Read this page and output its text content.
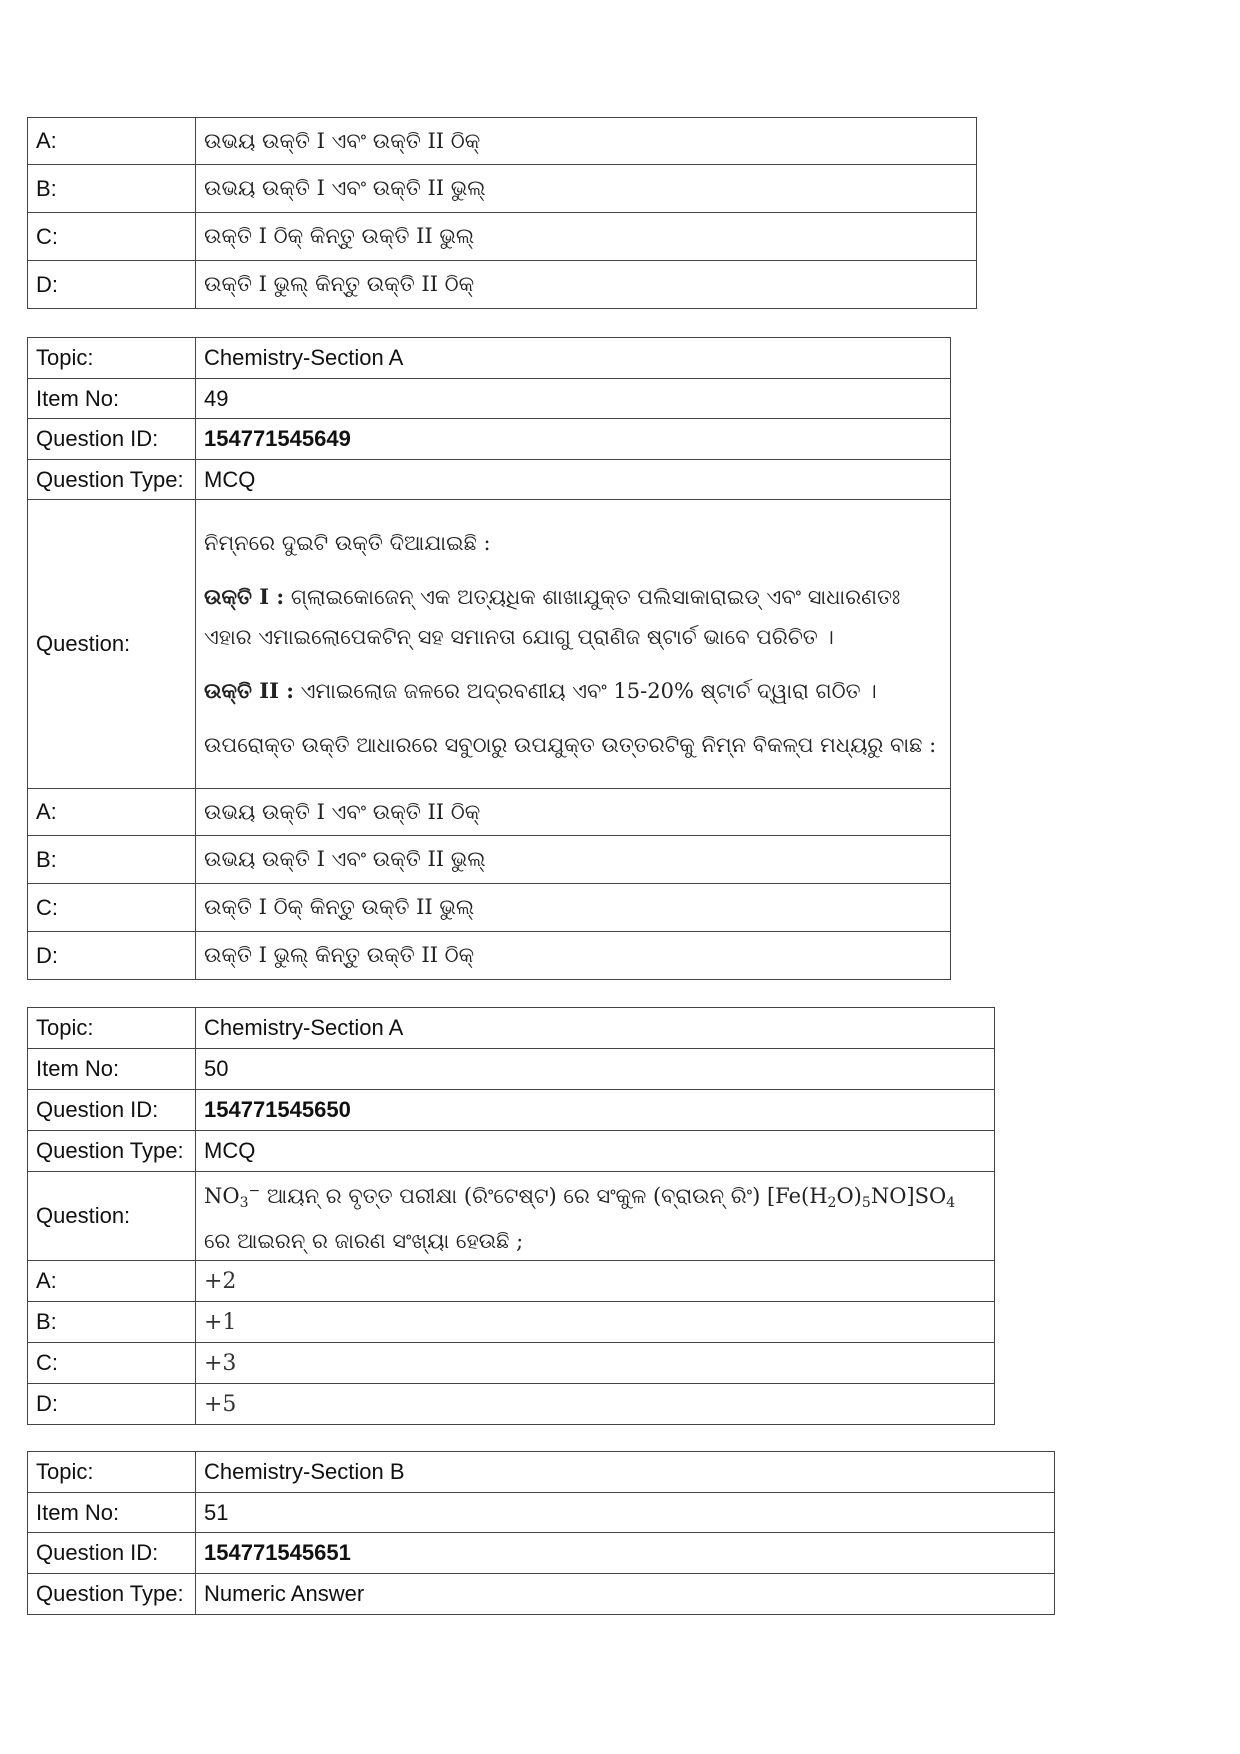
A:	ଉଭୟ ଉକ୍ତି I ଏବଂ ଉକ୍ତି II ଠିକ୍
B:	ଉଭୟ ଉକ୍ତି I ଏବଂ ଉକ୍ତି II ଭୁଲ୍
C:	ଉକ୍ତି I ଠିକ୍ କିନ୍ତୁ ଉକ୍ତି II ଭୁଲ୍
D:	ଉକ୍ତି I ଭୁଲ୍ କିନ୍ତୁ ଉକ୍ତି II ଠିକ୍
Topic:	Chemistry-Section A
Item No:	49
Question ID:	154771545649
Question Type:	MCQ
Question:	ନିମ୍ନରେ ଦୁଇଟି ଉକ୍ତି ଦିଆଯାଇଛି :

ଉକ୍ତି I : ଗ୍ଲାଇକୋଜେନ୍ ଏକ ଅତ୍ୟଧିକ ଶାଖାଯୁକ୍ତ ପଲିସାକାରାଇଡ୍ ଏବଂ ସାଧାରଣତଃ ଏହାର ଏମାଇଲୋପେକଟିନ୍ ସହ ସମାନତା ଯୋଗୁ ପ୍ରାଣିଜ ଷ୍ଟାର୍ଚ ଭାବେ ପରିଚିତ ।

ଉକ୍ତି II : ଏମାଇଲୋଜ ଜଳରେ ଅଦ୍ରବଣୀୟ ଏବଂ 15-20% ଷ୍ଟାର୍ଚ ଦ୍ୱାରା ଗଠିତ ।

ଉପରୋକ୍ତ ଉକ୍ତି ଆଧାରରେ ସବୁଠାରୁ ଉପଯୁକ୍ତ ଉତ୍ତରଟିକୁ ନିମ୍ନ ବିକଳ୍ପ ମଧ୍ୟରୁ ବାଛ :

A:	ଉଭୟ ଉକ୍ତି I ଏବଂ ଉକ୍ତି II ଠିକ୍
B:	ଉଭୟ ଉକ୍ତି I ଏବଂ ଉକ୍ତି II ଭୁଲ୍
C:	ଉକ୍ତି I ଠିକ୍ କିନ୍ତୁ ଉକ୍ତି II ଭୁଲ୍
D:	ଉକ୍ତି I ଭୁଲ୍ କିନ୍ତୁ ଉକ୍ତି II ଠିକ୍
Topic:	Chemistry-Section A
Item No:	50
Question ID:	154771545650
Question Type:	MCQ
Question:	$NO_3^-$ ଆୟନ୍ ର ବୃତ୍ତ ପରୀକ୍ଷା (ରିଂଟେଷ୍ଟ) ରେ ସଂକୁଳ (ବ୍ରାଉନ୍ ରିଂ) $[Fe(H_2O)_5NO]SO_4$ ରେ ଆଇରନ୍ ର ଜାରଣ ସଂଖ୍ୟା ହେଉଛି ;
A:	+2
B:	+1
C:	+3
D:	+5
Topic:	Chemistry-Section B
Item No:	51
Question ID:	154771545651
Question Type:	Numeric Answer
